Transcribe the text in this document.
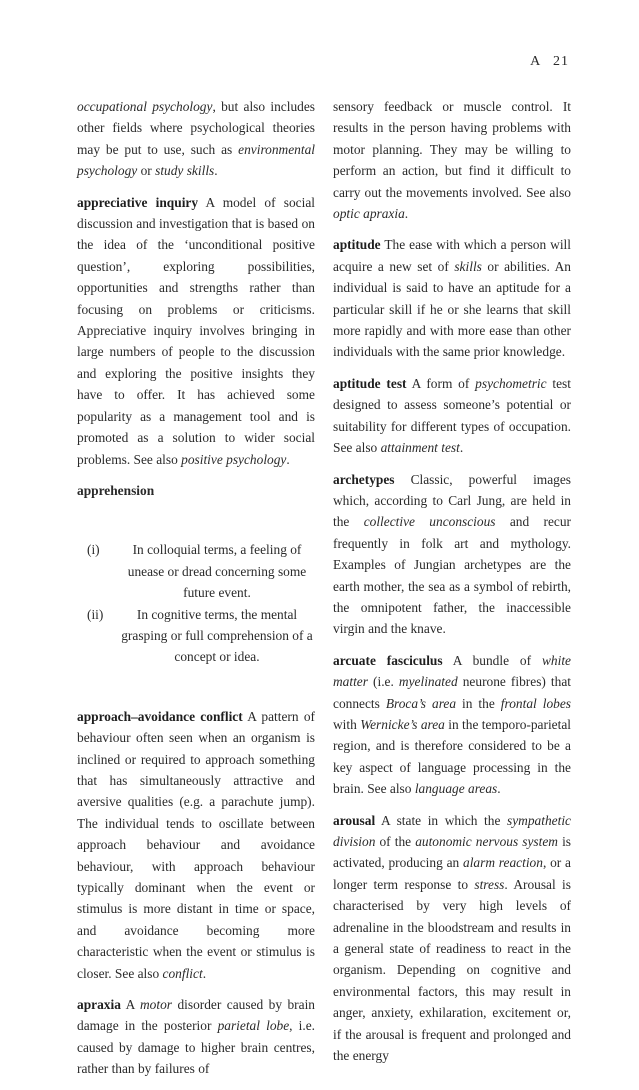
A 21

occupational psychology, but also includes other fields where psychological theories may be put to use, such as environmental psychology or study skills.

appreciative inquiry A model of social discussion and investigation that is based on the idea of the ‘unconditional positive question’, exploring possibilities, opportunities and strengths rather than focusing on problems or criticisms. Appreciative inquiry involves bringing in large numbers of people to the discussion and exploring the positive insights they have to offer. It has achieved some popularity as a management tool and is promoted as a solution to wider social problems. See also positive psychology.

apprehension
(i) In colloquial terms, a feeling of unease or dread concerning some future event.
(ii)	In cognitive terms, the mental grasping or full comprehension of a concept or idea.

approach–avoidance conflict A pattern of behaviour often seen when an organism is inclined or required to approach something that has simultaneously attractive and aversive qualities (e.g. a parachute jump). The individual tends to oscillate between approach behaviour and avoidance behaviour, with approach behaviour typically dominant when the event or stimulus is more distant in time or space, and avoidance becoming more characteristic when the event or stimulus is closer. See also conflict.

apraxia A motor disorder caused by brain damage in the posterior parietal lobe, i.e. caused by damage to higher brain centres, rather than by failures of

sensory feedback or muscle control. It results in the person having problems with motor planning. They may be willing to perform an action, but find it difficult to carry out the movements involved. See also optic apraxia.

aptitude The ease with which a person will acquire a new set of skills or abilities. An individual is said to have an aptitude for a particular skill if he or she learns that skill more rapidly and with more ease than other individuals with the same prior knowledge.

aptitude test A form of psychometric test designed to assess someone’s potential or suitability for different types of occupation. See also attainment test.

archetypes Classic, powerful images which, according to Carl Jung, are held in the collective unconscious and recur frequently in folk art and mythology. Examples of Jungian archetypes are the earth mother, the sea as a symbol of rebirth, the omnipotent father, the inaccessible virgin and the knave.

arcuate fasciculus A bundle of white matter (i.e. myelinated neurone fibres) that connects Broca’s area in the frontal lobes with Wernicke’s area in the temporo-parietal region, and is therefore considered to be a key aspect of language processing in the brain. See also language areas.

arousal A state in which the sympathetic division of the autonomic nervous system is activated, producing an alarm reaction, or a longer term response to stress. Arousal is characterised by very high levels of adrenaline in the bloodstream and results in a general state of readiness to react in the organism. Depending on cognitive and environmental factors, this may result in anger, anxiety, exhilaration, excitement or, if the arousal is frequent and prolonged and the energy
